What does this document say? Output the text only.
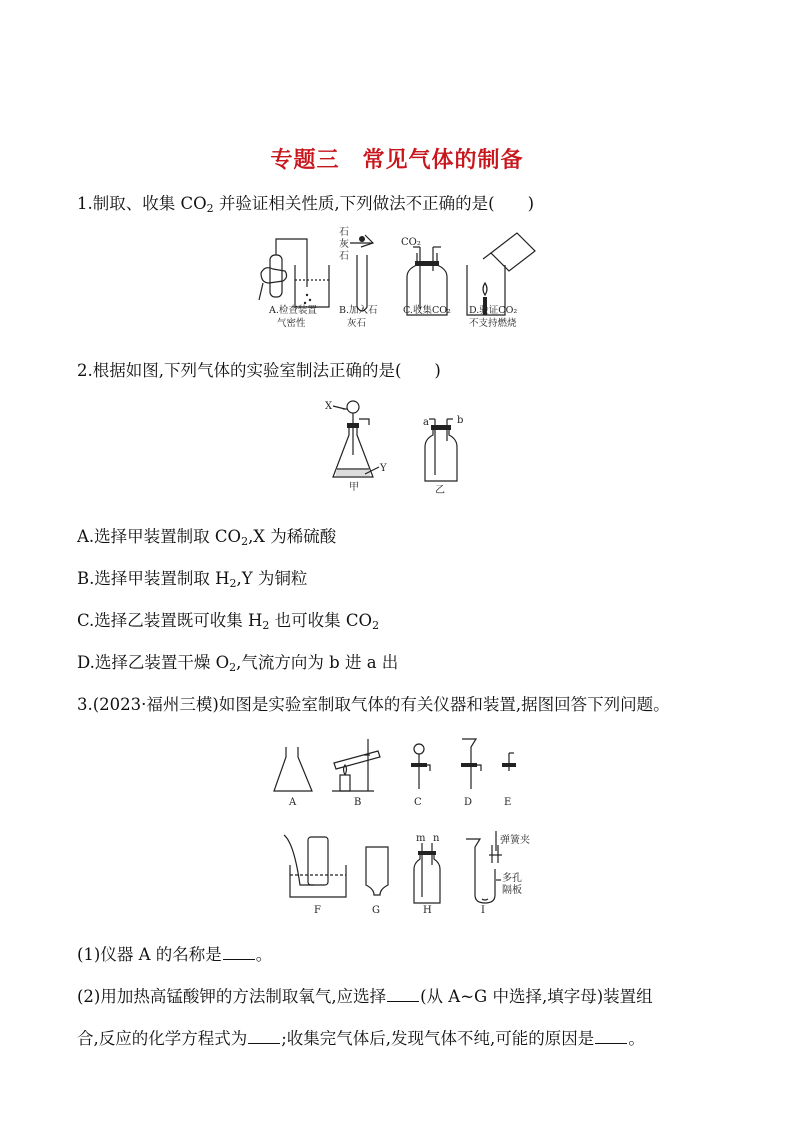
专题三　常见气体的制备
1.制取、收集 $CO_2$ 并验证相关性质,下列做法不正确的是(　　)
石
灰
石
CO₂
A.检查装置
气密性
B.加入石
灰石
C.收集CO₂ D.验证CO₂
不支持燃烧
2.根据如图,下列气体的实验室制法正确的是(　　)
X
Y
甲
a	b
乙
A.选择甲装置制取 $CO_2,X$ 为稀硫酸
B.选择甲装置制取 $H_2,Y$ 为铜粒
C.选择乙装置既可收集 $H_2$ 也可收集 $CO_2$
D.选择乙装置干燥 $O_2$,气流方向为 b 进 a 出
3.(2023·福州三模)如图是实验室制取气体的有关仪器和装置,据图回答下列问题。
A	B	C	D	E
F	G
m n
H
弹簧夹
多孔
隔板
I
(1)仪器 A 的名称是 。
(2)用加热高锰酸钾的方法制取氧气,应选择 (从 A~G 中选择,填字母)装置组
合,反应的化学方程式为 ;收集完气体后,发现气体不纯,可能的原因是 。
